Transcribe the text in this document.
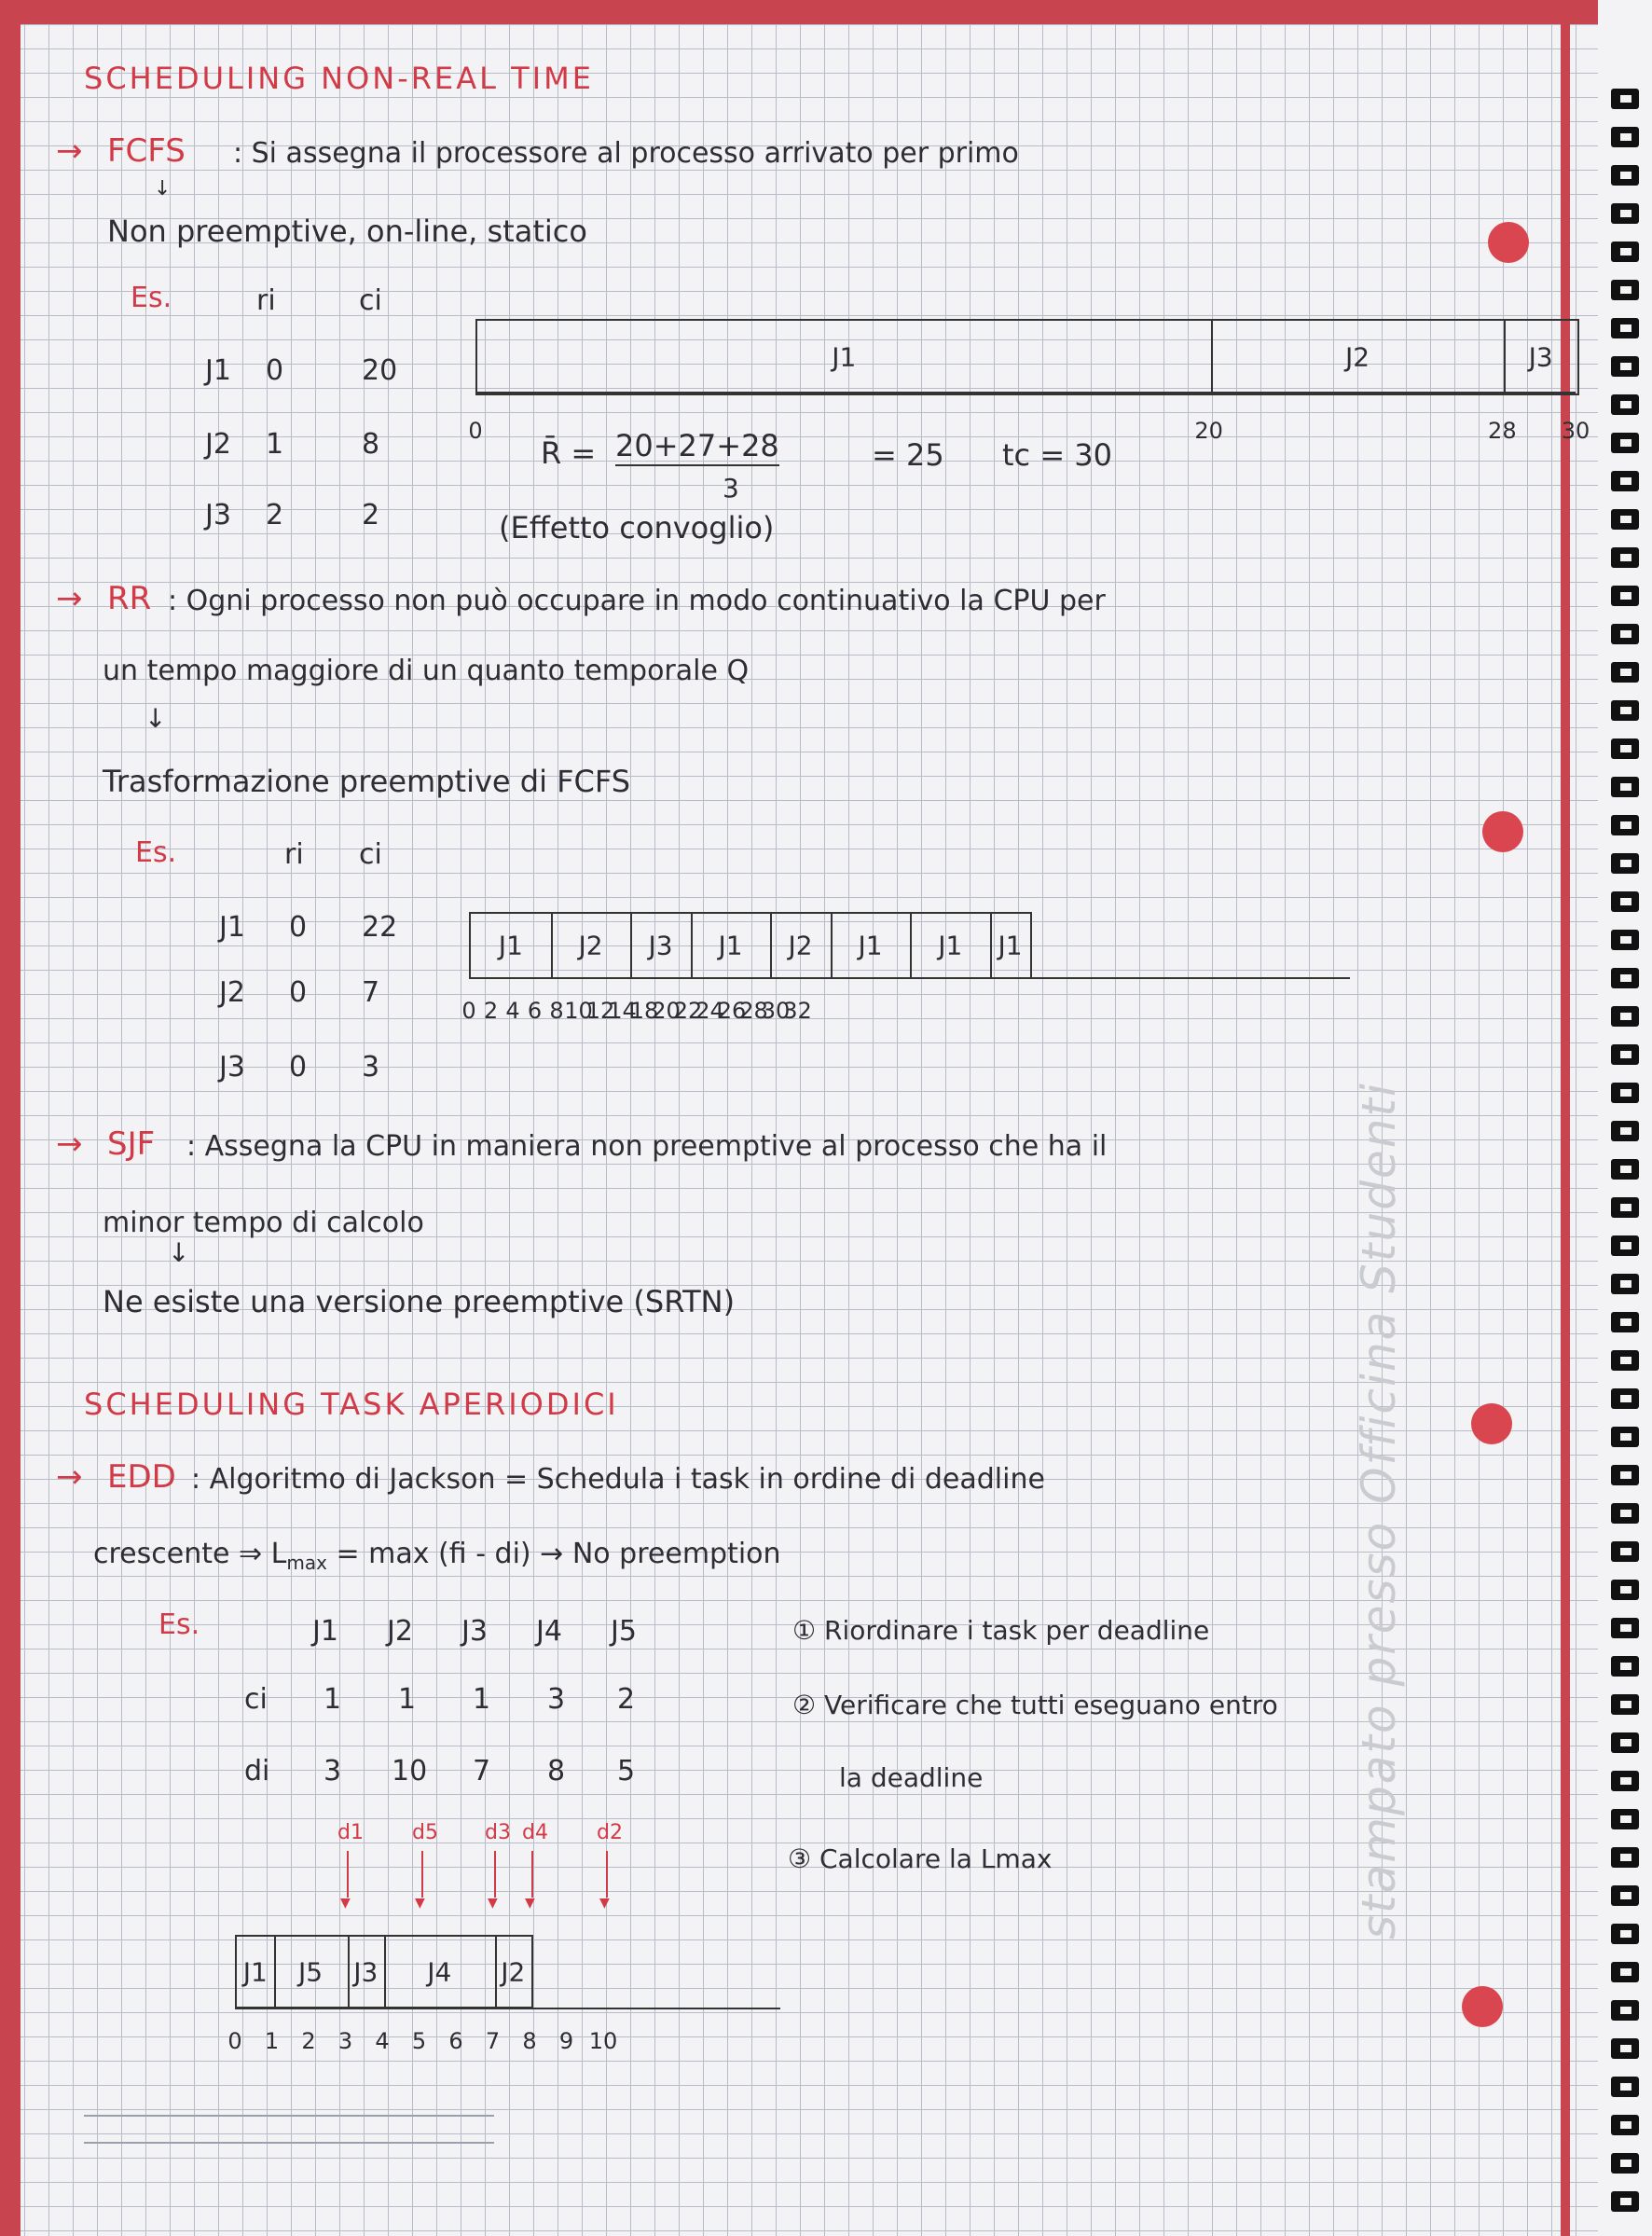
SCHEDULING NON-REAL TIME
→ FCFS : Si assegna il processore al processo arrivato per primo
↓
Non preemptive, on-line, statico
Es.	ri	ci
J1 0	20
J2 1	8
J3 2	2
J1	J2	J3
0	20	28 30
R̄ = 20+27+28
3
= 25 tc = 30
(Effetto convoglio)
→ RR : Ogni processo non può occupare in modo continuativo la CPU per
un tempo maggiore di un quanto temporale Q
↓
Trasformazione preemptive di FCFS
Es.	ri ci
J1 0 22
J2 0 7
J3 0 3
J1 J2 J3 J1 J2 J1 J1 J1
0 2 4 6 8 10
12
14
18
20
22
24
26
28
30
32
→ SJF : Assegna la CPU in maniera non preemptive al processo che ha il
minor tempo di calcolo
↓
Ne esiste una versione preemptive (SRTN)
SCHEDULING TASK APERIODICI
→ EDD : Algoritmo di Jackson = Schedula i task in ordine di deadline
crescente ⇒ $L_{max} = \max (fi - di) \to No$ preemption
Es.	J1 J2 J3 J4 J5
ci 1 1 1 3 2
di 3 10 7 8 5
d1 d5 d3 d4 d2
▼
▼
▼
▼
▼
① Riordinare i task per deadline
② Verificare che tutti eseguano entro
la deadline
③ Calcolare la Lmax
J1 J5 J3 J4 J2
0 1 2 3 4 5 6 7 8 9 10
stampato presso Officina Studenti
